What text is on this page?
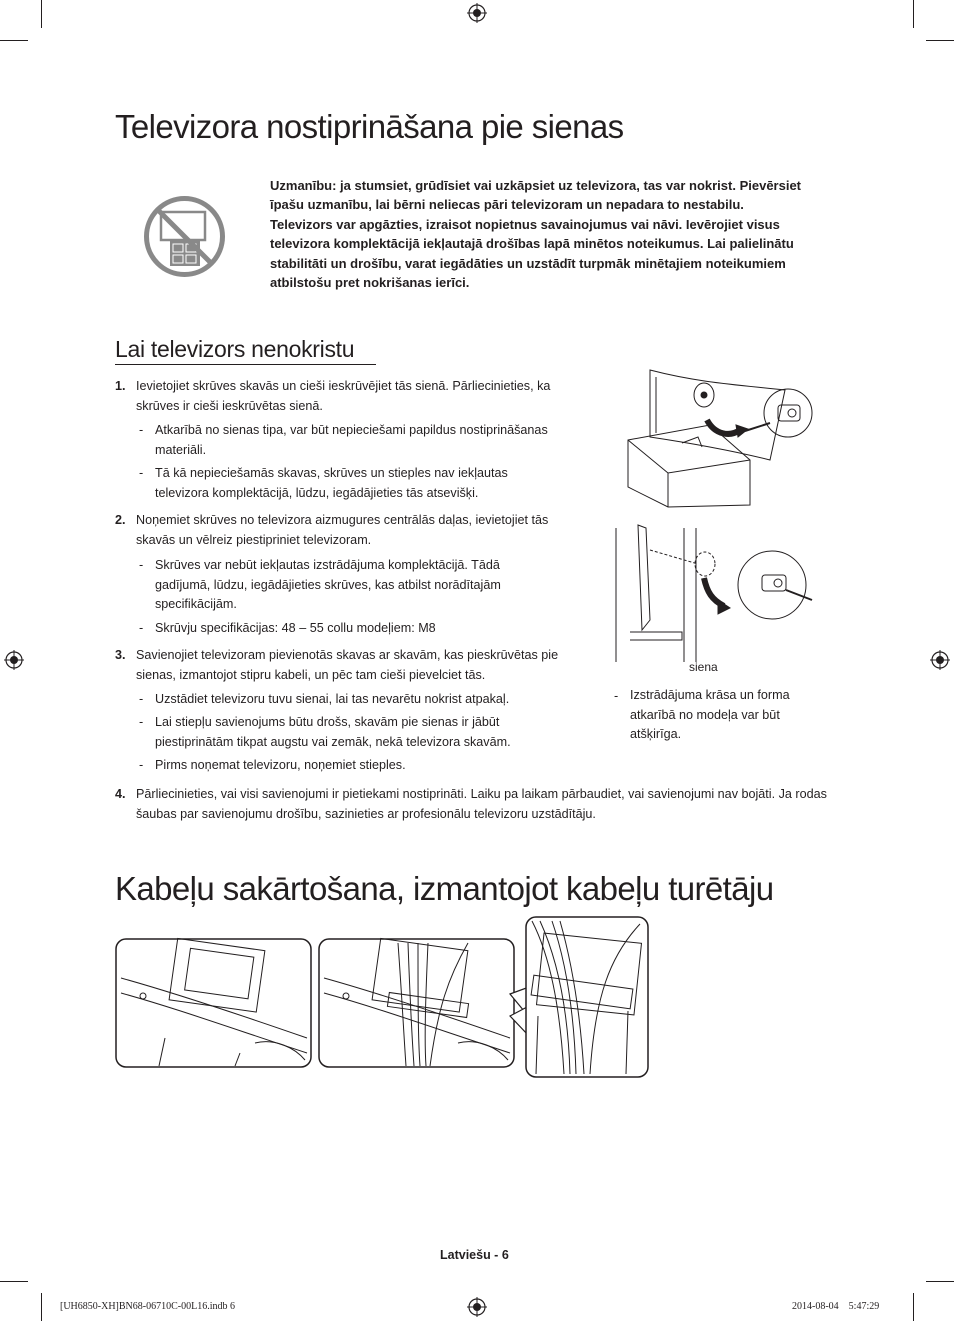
Televizora nostiprināšana pie sienas
Uzmanību: ja stumsiet, grūdīsiet vai uzkāpsiet uz televizora, tas var nokrist. Pievērsiet īpašu uzmanību, lai bērni neliecas pāri televizoram un nepadara to nestabilu. Televizors var apgāzties, izraisot nopietnus savainojumus vai nāvi. Ievērojiet visus televizora komplektācijā iekļautajā drošības lapā minētos noteikumus. Lai palielinātu stabilitāti un drošību, varat iegādāties un uzstādīt turpmāk minētajiem noteikumiem atbilstošu pret nokrišanas ierīci.
Lai televizors nenokristu
1. Ievietojiet skrūves skavās un cieši ieskrūvējiet tās sienā. Pārliecinieties, ka skrūves ir cieši ieskrūvētas sienā.
- Atkarībā no sienas tipa, var būt nepieciešami papildus nostiprināšanas materiāli.
- Tā kā nepieciešamās skavas, skrūves un stieples nav iekļautas televizora komplektācijā, lūdzu, iegādājieties tās atsevišķi.
2. Noņemiet skrūves no televizora aizmugures centrālās daļas, ievietojiet tās skavās un vēlreiz piestipriniet televizoram.
- Skrūves var nebūt iekļautas izstrādājuma komplektācijā. Tādā gadījumā, lūdzu, iegādājieties skrūves, kas atbilst norādītajām specifikācijām.
- Skrūvju specifikācijas: 48 – 55 collu modeļiem: M8
3. Savienojiet televizoram pievienotās skavas ar skavām, kas pieskrūvētas pie sienas, izmantojot stipru kabeli, un pēc tam cieši pievelciet tās.
- Uzstādiet televizoru tuvu sienai, lai tas nevarētu nokrist atpakaļ.
- Lai stiepļu savienojums būtu drošs, skavām pie sienas ir jābūt piestiprinātām tikpat augstu vai zemāk, nekā televizora skavām.
- Pirms noņemat televizoru, noņemiet stieples.
4. Pārliecinieties, vai visi savienojumi ir pietiekami nostiprināti. Laiku pa laikam pārbaudiet, vai savienojumi nav bojāti. Ja rodas šaubas par savienojumu drošību, sazinieties ar profesionālu televizoru uzstādītāju.
siena
- Izstrādājuma krāsa un forma atkarībā no modeļa var būt atšķirīga.
Kabeļu sakārtošana, izmantojot kabeļu turētāju
Latviešu - 6
[UH6850-XH]BN68-06710C-00L16.indb 6	2014-08-04   5:47:29
